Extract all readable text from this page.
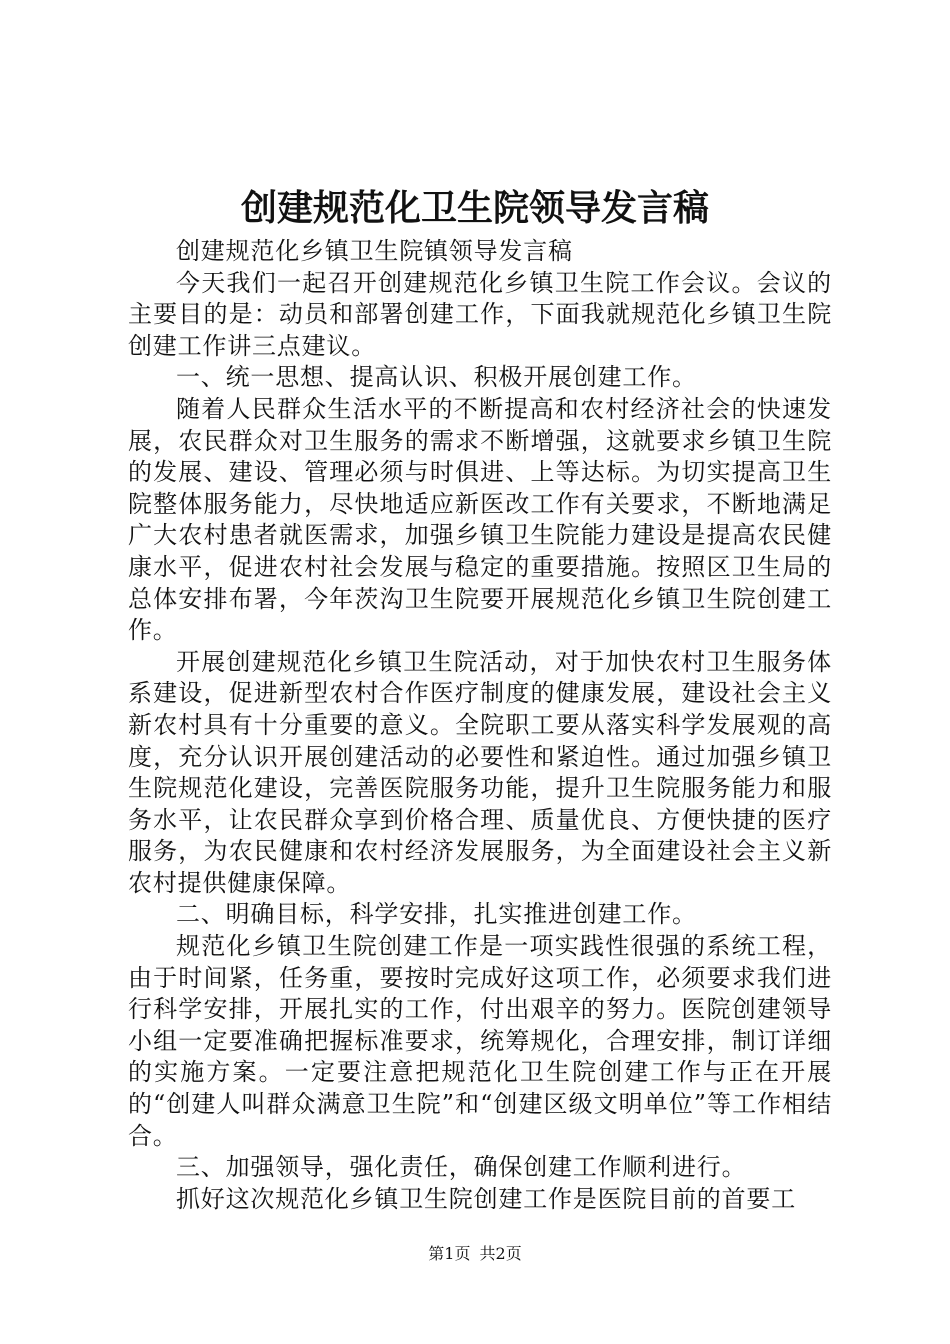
创建规范化卫生院领导发言稿

创建规范化乡镇卫生院镇领导发言稿

今天我们一起召开创建规范化乡镇卫生院工作会议。会议的主要目的是：动员和部署创建工作，下面我就规范化乡镇卫生院创建工作讲三点建议。

一、统一思想、提高认识、积极开展创建工作。

随着人民群众生活水平的不断提高和农村经济社会的快速发展，农民群众对卫生服务的需求不断增强，这就要求乡镇卫生院的发展、建设、管理必须与时俱进、上等达标。为切实提高卫生院整体服务能力，尽快地适应新医改工作有关要求，不断地满足广大农村患者就医需求，加强乡镇卫生院能力建设是提高农民健康水平，促进农村社会发展与稳定的重要措施。按照区卫生局的总体安排布署，今年茨沟卫生院要开展规范化乡镇卫生院创建工作。

开展创建规范化乡镇卫生院活动，对于加快农村卫生服务体系建设，促进新型农村合作医疗制度的健康发展，建设社会主义新农村具有十分重要的意义。全院职工要从落实科学发展观的高度，充分认识开展创建活动的必要性和紧迫性。通过加强乡镇卫生院规范化建设，完善医院服务功能，提升卫生院服务能力和服务水平，让农民群众享到价格合理、质量优良、方便快捷的医疗服务，为农民健康和农村经济发展服务，为全面建设社会主义新农村提供健康保障。

二、明确目标，科学安排，扎实推进创建工作。

规范化乡镇卫生院创建工作是一项实践性很强的系统工程，由于时间紧，任务重，要按时完成好这项工作，必须要求我们进行科学安排，开展扎实的工作，付出艰辛的努力。医院创建领导小组一定要准确把握标准要求，统筹规化，合理安排，制订详细的实施方案。一定要注意把规范化卫生院创建工作与正在开展的“创建人叫群众满意卫生院”和“创建区级文明单位”等工作相结合。

三、加强领导，强化责任，确保创建工作顺利进行。

抓好这次规范化乡镇卫生院创建工作是医院目前的首要工

第1页 共2页
